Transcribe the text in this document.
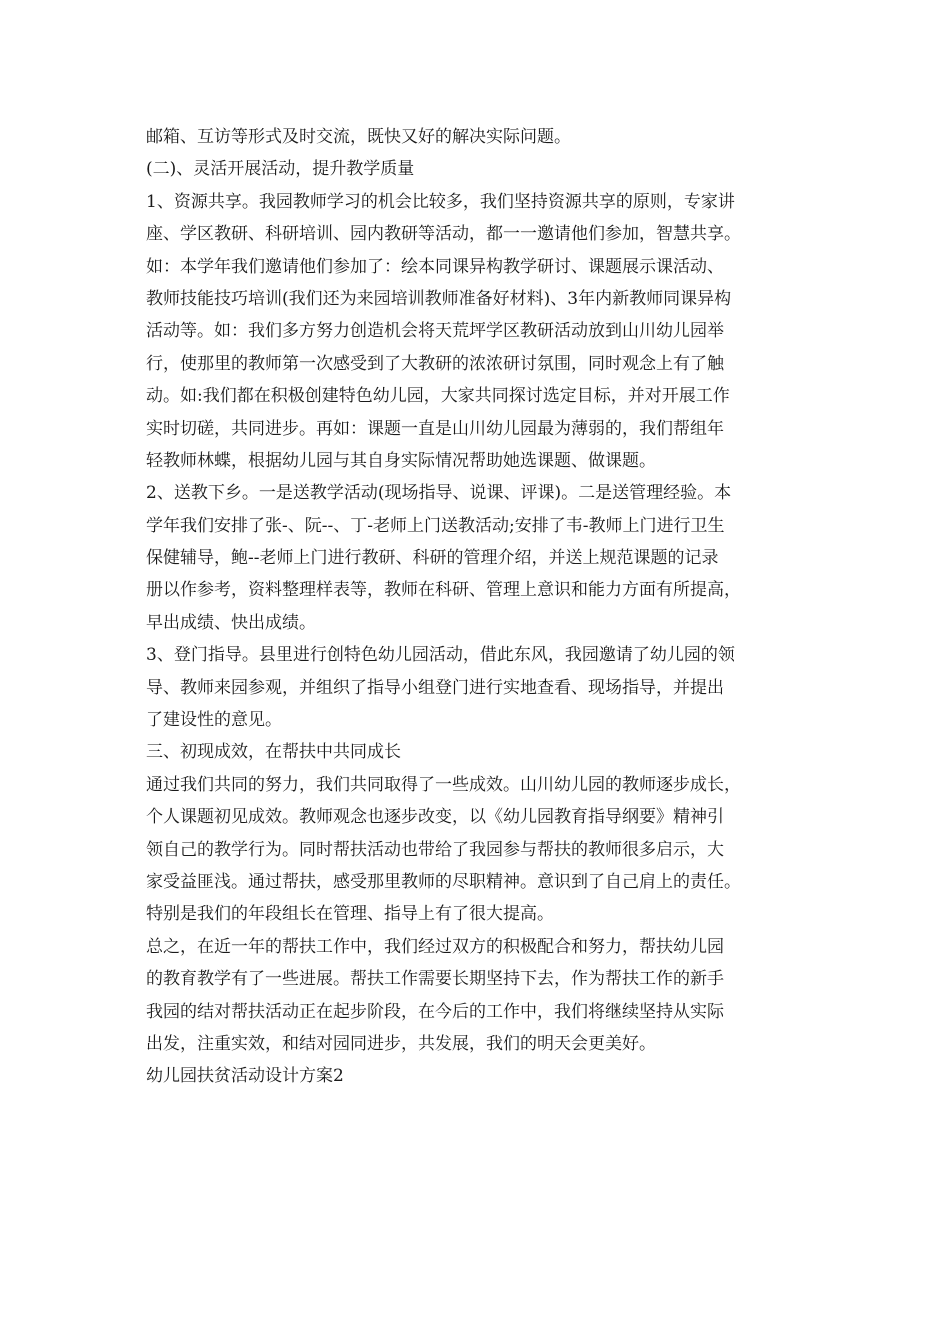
邮箱、互访等形式及时交流，既快又好的解决实际问题。
(二)、灵活开展活动，提升教学质量
1、资源共享。我园教师学习的机会比较多，我们坚持资源共享的原则，专家讲
座、学区教研、科研培训、园内教研等活动，都一一邀请他们参加，智慧共享。
如：本学年我们邀请他们参加了：绘本同课异构教学研讨、课题展示课活动、
教师技能技巧培训(我们还为来园培训教师准备好材料)、3年内新教师同课异构
活动等。如：我们多方努力创造机会将天荒坪学区教研活动放到山川幼儿园举
行，使那里的教师第一次感受到了大教研的浓浓研讨氛围，同时观念上有了触
动。如:我们都在积极创建特色幼儿园，大家共同探讨选定目标，并对开展工作
实时切磋，共同进步。再如：课题一直是山川幼儿园最为薄弱的，我们帮组年
轻教师林蝶，根据幼儿园与其自身实际情况帮助她选课题、做课题。
2、送教下乡。一是送教学活动(现场指导、说课、评课)。二是送管理经验。本
学年我们安排了张-、阮--、丁-老师上门送教活动;安排了韦-教师上门进行卫生
保健辅导，鲍--老师上门进行教研、科研的管理介绍，并送上规范课题的记录
册以作参考，资料整理样表等，教师在科研、管理上意识和能力方面有所提高，
早出成绩、快出成绩。
3、登门指导。县里进行创特色幼儿园活动，借此东风，我园邀请了幼儿园的领
导、教师来园参观，并组织了指导小组登门进行实地查看、现场指导，并提出
了建设性的意见。
三、初现成效，在帮扶中共同成长
通过我们共同的努力，我们共同取得了一些成效。山川幼儿园的教师逐步成长，
个人课题初见成效。教师观念也逐步改变，以《幼儿园教育指导纲要》精神引
领自己的教学行为。同时帮扶活动也带给了我园参与帮扶的教师很多启示，大
家受益匪浅。通过帮扶，感受那里教师的尽职精神。意识到了自己肩上的责任。
特别是我们的年段组长在管理、指导上有了很大提高。
总之，在近一年的帮扶工作中，我们经过双方的积极配合和努力，帮扶幼儿园
的教育教学有了一些进展。帮扶工作需要长期坚持下去，作为帮扶工作的新手
我园的结对帮扶活动正在起步阶段，在今后的工作中，我们将继续坚持从实际
出发，注重实效，和结对园同进步，共发展，我们的明天会更美好。
幼儿园扶贫活动设计方案2
